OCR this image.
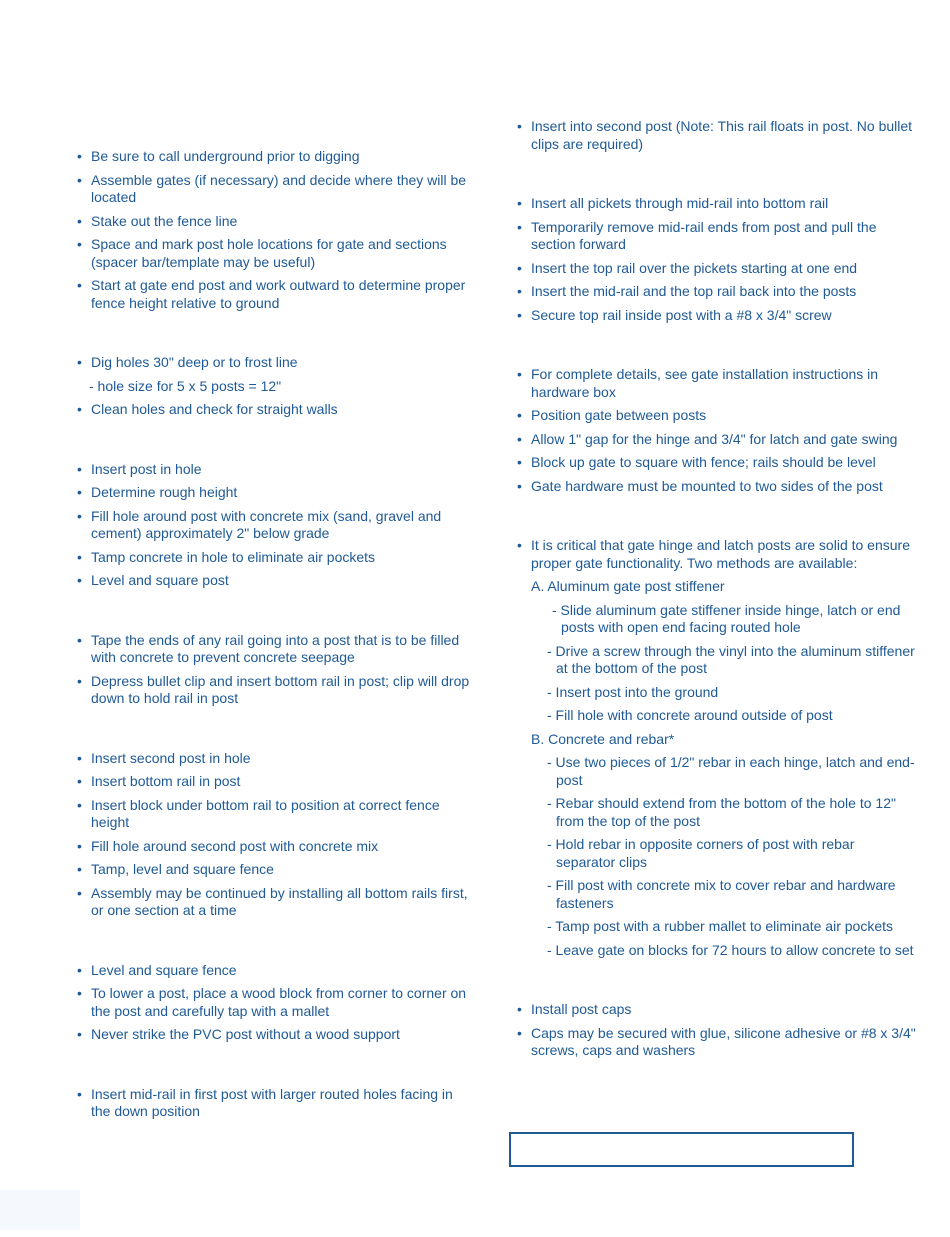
• Be sure to call underground prior to digging
• Assemble gates (if necessary) and decide where they will be located
• Stake out the fence line
• Space and mark post hole locations for gate and sections (spacer bar/template may be useful)
• Start at gate end post and work outward to determine proper fence height relative to ground
• Dig holes 30" deep or to frost line
- hole size for 5 x 5 posts = 12"
• Clean holes and check for straight walls
• Insert post in hole
• Determine rough height
• Fill hole around post with concrete mix (sand, gravel and cement) approximately 2" below grade
• Tamp concrete in hole to eliminate air pockets
• Level and square post
• Tape the ends of any rail going into a post that is to be filled with concrete to prevent concrete seepage
• Depress bullet clip and insert bottom rail in post; clip will drop down to hold rail in post
• Insert second post in hole
• Insert bottom rail in post
• Insert block under bottom rail to position at correct fence height
• Fill hole around second post with concrete mix
• Tamp, level and square fence
• Assembly may be continued by installing all bottom rails first, or one section at a time
• Level and square fence
• To lower a post, place a wood block from corner to corner on the post and carefully tap with a mallet
• Never strike the PVC post without a wood support
• Insert mid-rail in first post with larger routed holes facing in the down position
• Insert into second post (Note: This rail floats in post. No bullet clips are required)
• Insert all pickets through mid-rail into bottom rail
• Temporarily remove mid-rail ends from post and pull the section forward
• Insert the top rail over the pickets starting at one end
• Insert the mid-rail and the top rail back into the posts
• Secure top rail inside post with a #8 x 3/4" screw
• For complete details, see gate installation instructions in hardware box
• Position gate between posts
• Allow 1" gap for the hinge and 3/4" for latch and gate swing
• Block up gate to square with fence; rails should be level
• Gate hardware must be mounted to two sides of the post
• It is critical that gate hinge and latch posts are solid to ensure proper gate functionality. Two methods are available:
A. Aluminum gate post stiffener
- Slide aluminum gate stiffener inside hinge, latch or end posts with open end facing routed hole
- Drive a screw through the vinyl into the aluminum stiffener at the bottom of the post
- Insert post into the ground
- Fill hole with concrete around outside of post
B. Concrete and rebar*
- Use two pieces of 1/2" rebar in each hinge, latch and end-post
- Rebar should extend from the bottom of the hole to 12" from the top of the post
- Hold rebar in opposite corners of post with rebar separator clips
- Fill post with concrete mix to cover rebar and hardware fasteners
- Tamp post with a rubber mallet to eliminate air pockets
- Leave gate on blocks for 72 hours to allow concrete to set
• Install post caps
• Caps may be secured with glue, silicone adhesive or #8 x 3/4" screws, caps and washers
